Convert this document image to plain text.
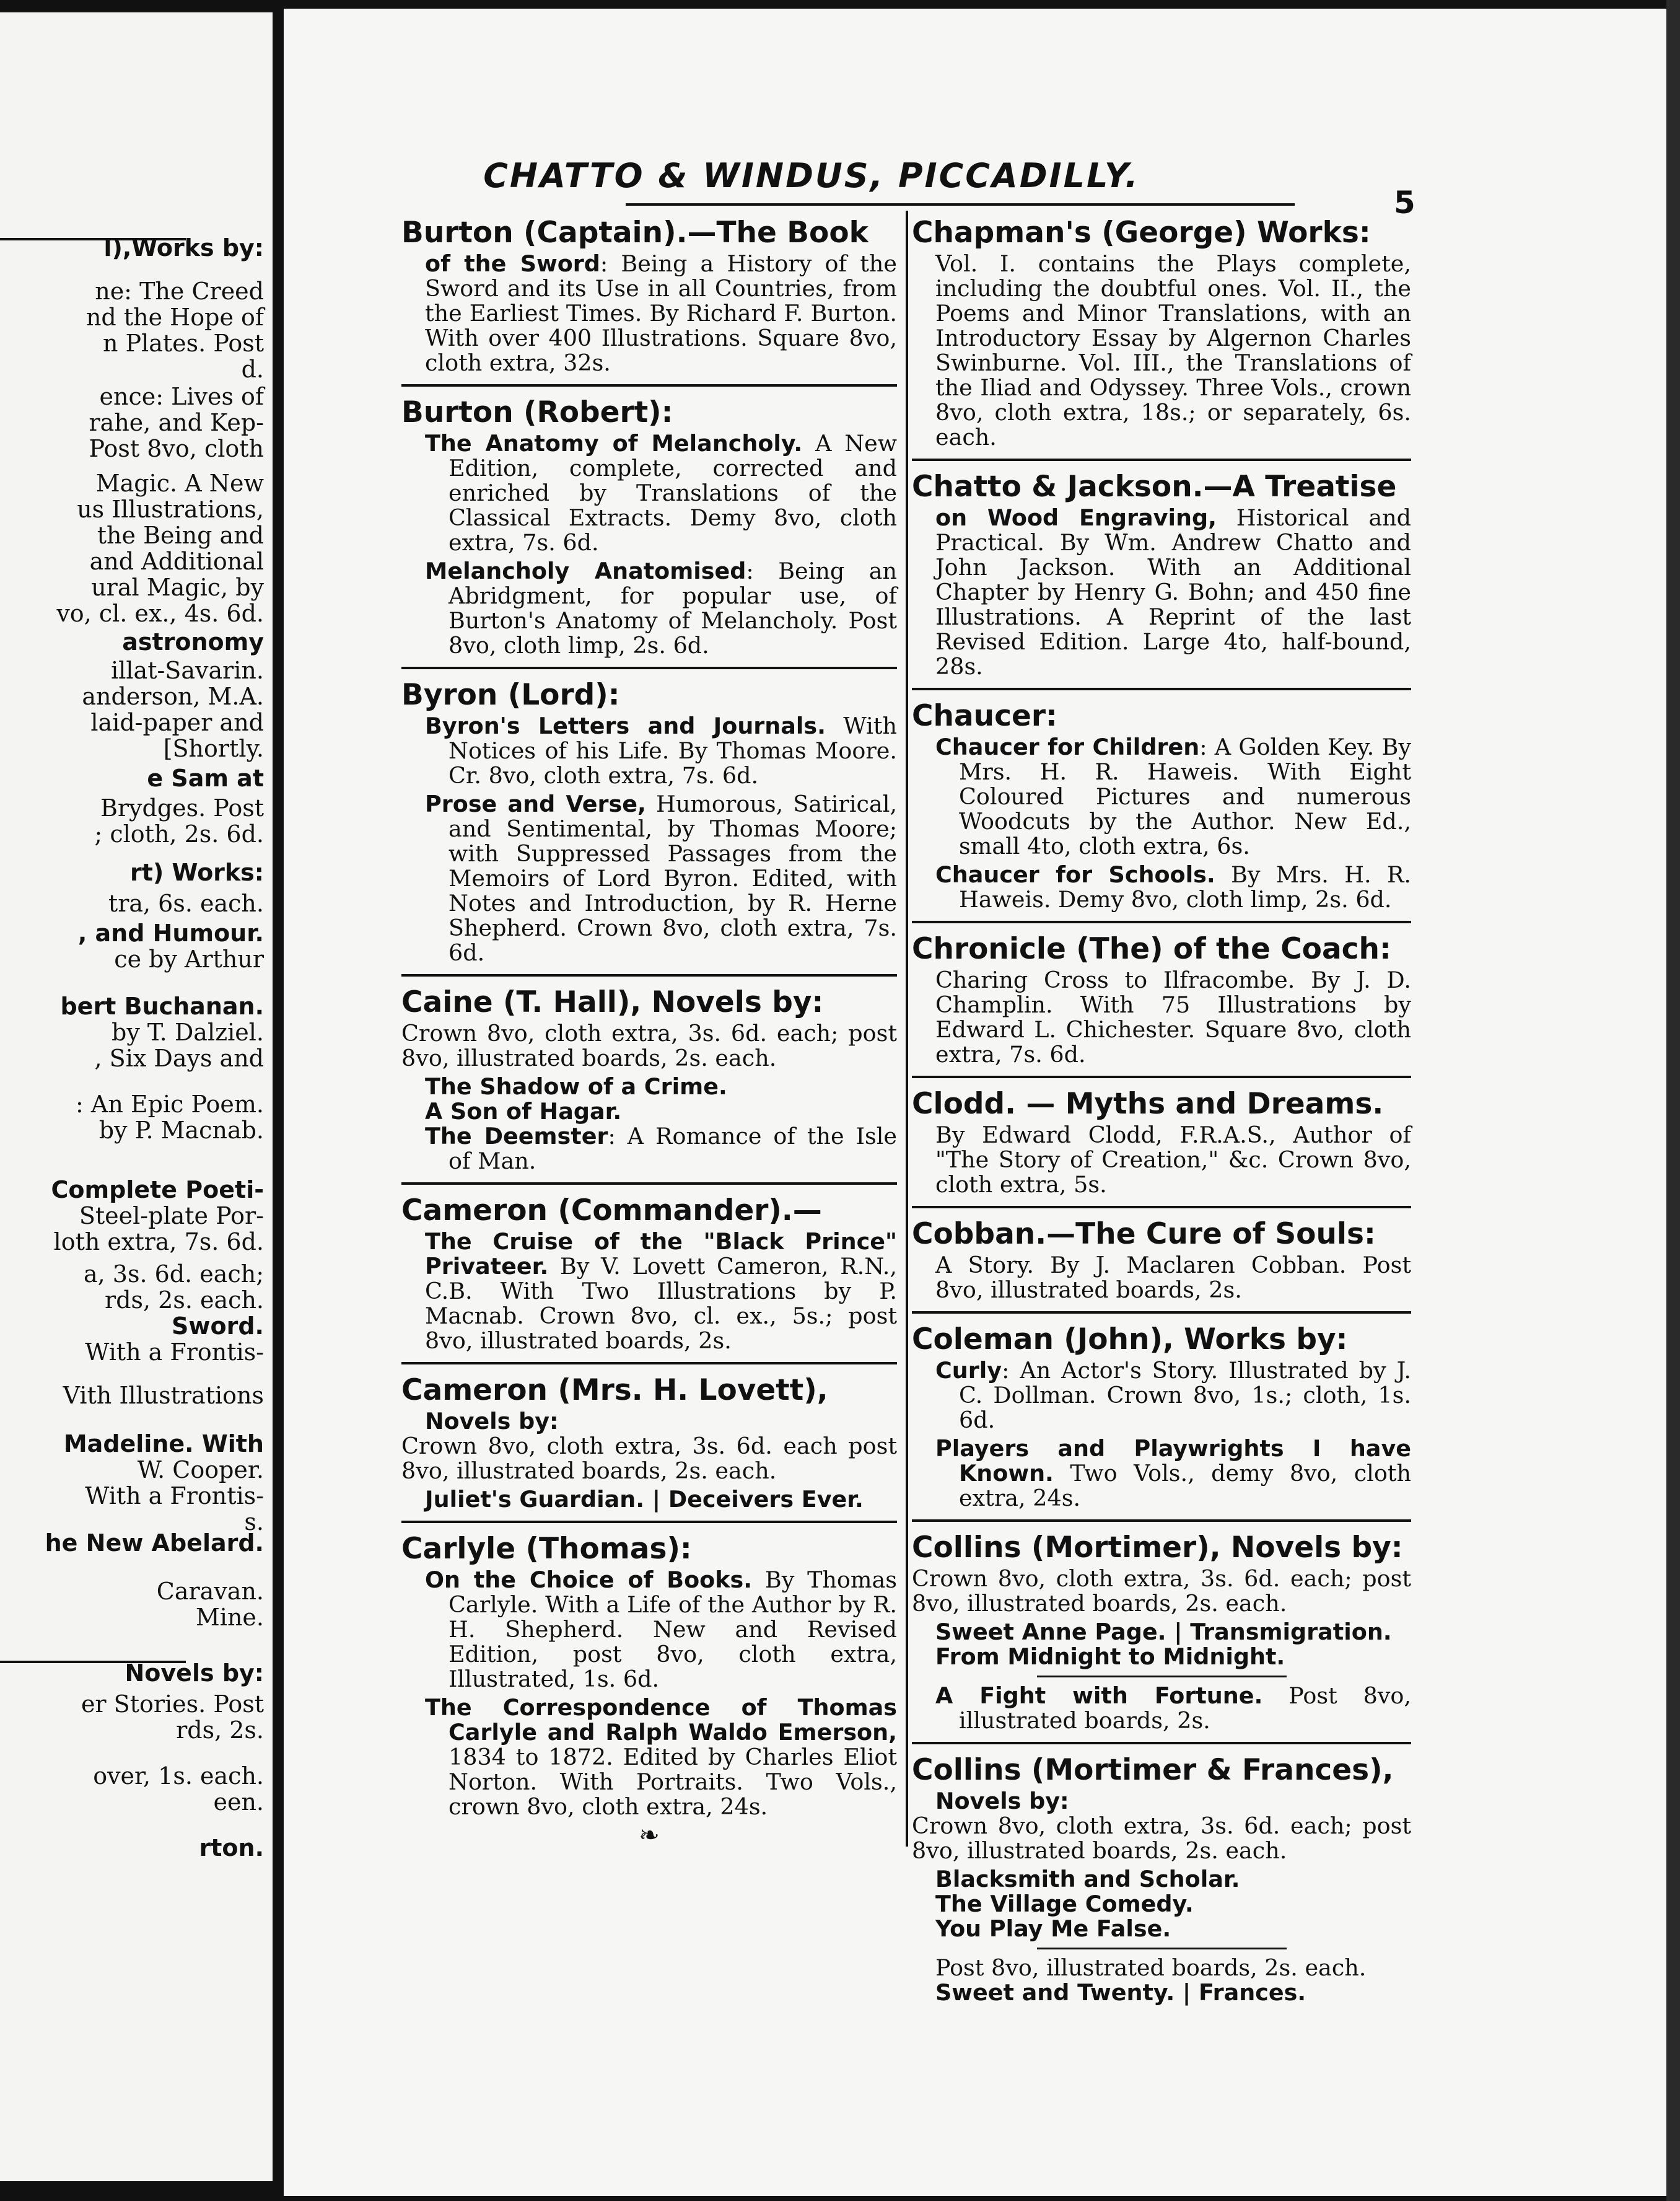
l),Works by:
ne: The Creed
nd the Hope of
n Plates. Post
d.
ence: Lives of
rahe, and Kep-
Post 8vo, cloth
Magic. A New
us Illustrations,
the Being and
and Additional
ural Magic, by
vo, cl. ex., 4s. 6d.
astronomy
illat-Savarin.
anderson, M.A.
laid-paper and
[Shortly.
e Sam at
Brydges. Post
; cloth, 2s. 6d.
rt) Works:
tra, 6s. each.
, and Humour.
ce by Arthur
bert Buchanan.
by T. Dalziel.
, Six Days and
: An Epic Poem.
by P. Macnab.
Complete Poeti-
Steel-plate Por-
loth extra, 7s. 6d.
a, 3s. 6d. each;
rds, 2s. each.
Sword.
With a Frontis-
Vith Illustrations
Madeline. With
W. Cooper.
With a Frontis-
s.
he New Abelard.
Caravan.
Mine.
Novels by:
er Stories. Post
rds, 2s.
over, 1s. each.
een.
rton.
CHATTO & WINDUS, PICCADILLY.
5
Burton (Captain).—The Book
of the Sword: Being a History of the Sword and its Use in all Countries, from the Earliest Times. By Richard F. Burton. With over 400 Illustrations. Square 8vo, cloth extra, 32s.
Burton (Robert):
The Anatomy of Melancholy. A New Edition, complete, corrected and enriched by Translations of the Classical Extracts. Demy 8vo, cloth extra, 7s. 6d.
Melancholy Anatomised: Being an Abridgment, for popular use, of Burton's Anatomy of Melancholy. Post 8vo, cloth limp, 2s. 6d.
Byron (Lord):
Byron's Letters and Journals. With Notices of his Life. By Thomas Moore. Cr. 8vo, cloth extra, 7s. 6d.
Prose and Verse, Humorous, Satirical, and Sentimental, by Thomas Moore; with Suppressed Passages from the Memoirs of Lord Byron. Edited, with Notes and Introduction, by R. Herne Shepherd. Crown 8vo, cloth extra, 7s. 6d.
Caine (T. Hall), Novels by:
Crown 8vo, cloth extra, 3s. 6d. each; post 8vo, illustrated boards, 2s. each.
The Shadow of a Crime.
A Son of Hagar.
The Deemster: A Romance of the Isle of Man.
Cameron (Commander).—
The Cruise of the "Black Prince" Privateer. By V. Lovett Cameron, R.N., C.B. With Two Illustrations by P. Macnab. Crown 8vo, cl. ex., 5s.; post 8vo, illustrated boards, 2s.
Cameron (Mrs. H. Lovett),
Novels by:
Crown 8vo, cloth extra, 3s. 6d. each post 8vo, illustrated boards, 2s. each.
Juliet's Guardian. | Deceivers Ever.
Carlyle (Thomas):
On the Choice of Books. By Thomas Carlyle. With a Life of the Author by R. H. Shepherd. New and Revised Edition, post 8vo, cloth extra, Illustrated, 1s. 6d.
The Correspondence of Thomas Carlyle and Ralph Waldo Emerson, 1834 to 1872. Edited by Charles Eliot Norton. With Portraits. Two Vols., crown 8vo, cloth extra, 24s.
❧
Chapman's (George) Works:
Vol. I. contains the Plays complete, including the doubtful ones. Vol. II., the Poems and Minor Translations, with an Introductory Essay by Algernon Charles Swinburne. Vol. III., the Translations of the Iliad and Odyssey. Three Vols., crown 8vo, cloth extra, 18s.; or separately, 6s. each.
Chatto & Jackson.—A Treatise
on Wood Engraving, Historical and Practical. By Wm. Andrew Chatto and John Jackson. With an Additional Chapter by Henry G. Bohn; and 450 fine Illustrations. A Reprint of the last Revised Edition. Large 4to, half-bound, 28s.
Chaucer:
Chaucer for Children: A Golden Key. By Mrs. H. R. Haweis. With Eight Coloured Pictures and numerous Woodcuts by the Author. New Ed., small 4to, cloth extra, 6s.
Chaucer for Schools. By Mrs. H. R. Haweis. Demy 8vo, cloth limp, 2s. 6d.
Chronicle (The) of the Coach:
Charing Cross to Ilfracombe. By J. D. Champlin. With 75 Illustrations by Edward L. Chichester. Square 8vo, cloth extra, 7s. 6d.
Clodd. — Myths and Dreams.
By Edward Clodd, F.R.A.S., Author of "The Story of Creation," &c. Crown 8vo, cloth extra, 5s.
Cobban.—The Cure of Souls:
A Story. By J. Maclaren Cobban. Post 8vo, illustrated boards, 2s.
Coleman (John), Works by:
Curly: An Actor's Story. Illustrated by J. C. Dollman. Crown 8vo, 1s.; cloth, 1s. 6d.
Players and Playwrights I have Known. Two Vols., demy 8vo, cloth extra, 24s.
Collins (Mortimer), Novels by:
Crown 8vo, cloth extra, 3s. 6d. each; post 8vo, illustrated boards, 2s. each.
Sweet Anne Page. | Transmigration.
From Midnight to Midnight.
A Fight with Fortune. Post 8vo, illustrated boards, 2s.
Collins (Mortimer & Frances),
Novels by:
Crown 8vo, cloth extra, 3s. 6d. each; post 8vo, illustrated boards, 2s. each.
Blacksmith and Scholar.
The Village Comedy.
You Play Me False.
Post 8vo, illustrated boards, 2s. each.
Sweet and Twenty. | Frances.
